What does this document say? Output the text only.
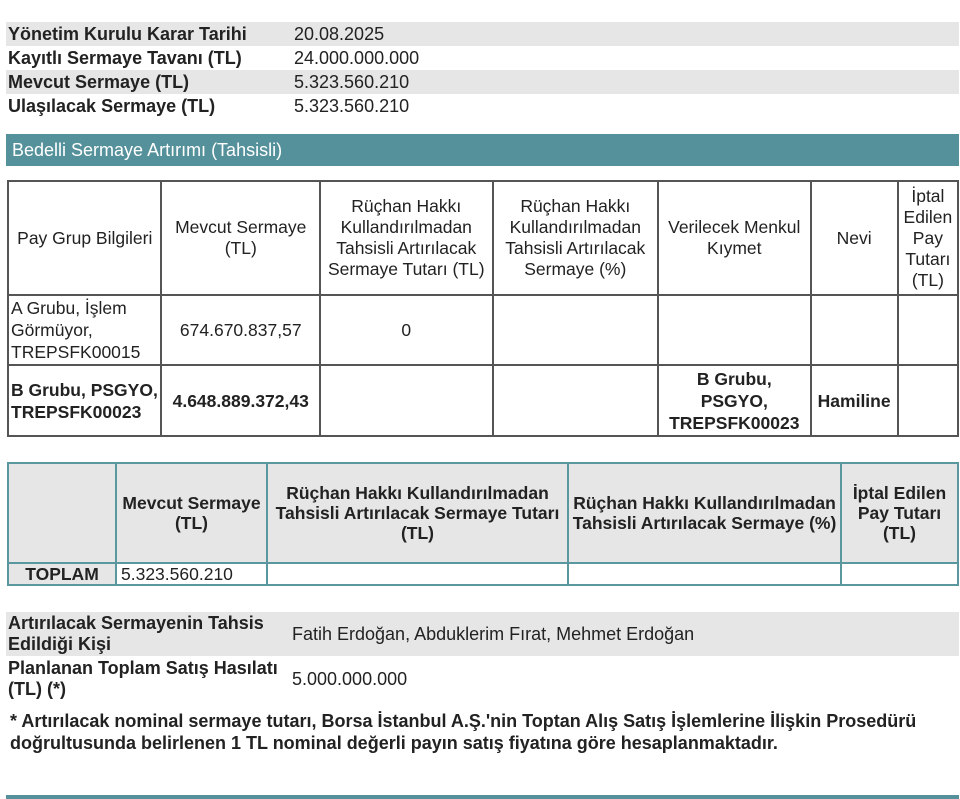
Yönetim Kurulu Karar Tarihi	20.08.2025
Kayıtlı Sermaye Tavanı (TL)	24.000.000.000
Mevcut Sermaye (TL)	5.323.560.210
Ulaşılacak Sermaye (TL)	5.323.560.210
Bedelli Sermaye Artırımı (Tahsisli)
Pay Grup Bilgileri	Mevcut Sermaye (TL)	Rüçhan Hakkı Kullandırılmadan Tahsisli Artırılacak Sermaye Tutarı (TL)	Rüçhan Hakkı Kullandırılmadan Tahsisli Artırılacak Sermaye (%)	Verilecek Menkul Kıymet	Nevi	İptal Edilen Pay Tutarı (TL)
A Grubu, İşlem Görmüyor, TREPSFK00015	674.670.837,57	0				
B Grubu, PSGYO, TREPSFK00023	4.648.889.372,43			B Grubu, PSGYO, TREPSFK00023	Hamiline	
	Mevcut Sermaye (TL)	Rüçhan Hakkı Kullandırılmadan Tahsisli Artırılacak Sermaye Tutarı (TL)	Rüçhan Hakkı Kullandırılmadan Tahsisli Artırılacak Sermaye (%)	İptal Edilen Pay Tutarı (TL)
TOPLAM	5.323.560.210			
Artırılacak Sermayenin Tahsis Edildiği Kişi	Fatih Erdoğan, Abduklerim Fırat, Mehmet Erdoğan
Planlanan Toplam Satış Hasılatı (TL) (*)	5.000.000.000
* Artırılacak nominal sermaye tutarı, Borsa İstanbul A.Ş.'nin Toptan Alış Satış İşlemlerine İlişkin Prosedürü doğrultusunda belirlenen 1 TL nominal değerli payın satış fiyatına göre hesaplanmaktadır.
